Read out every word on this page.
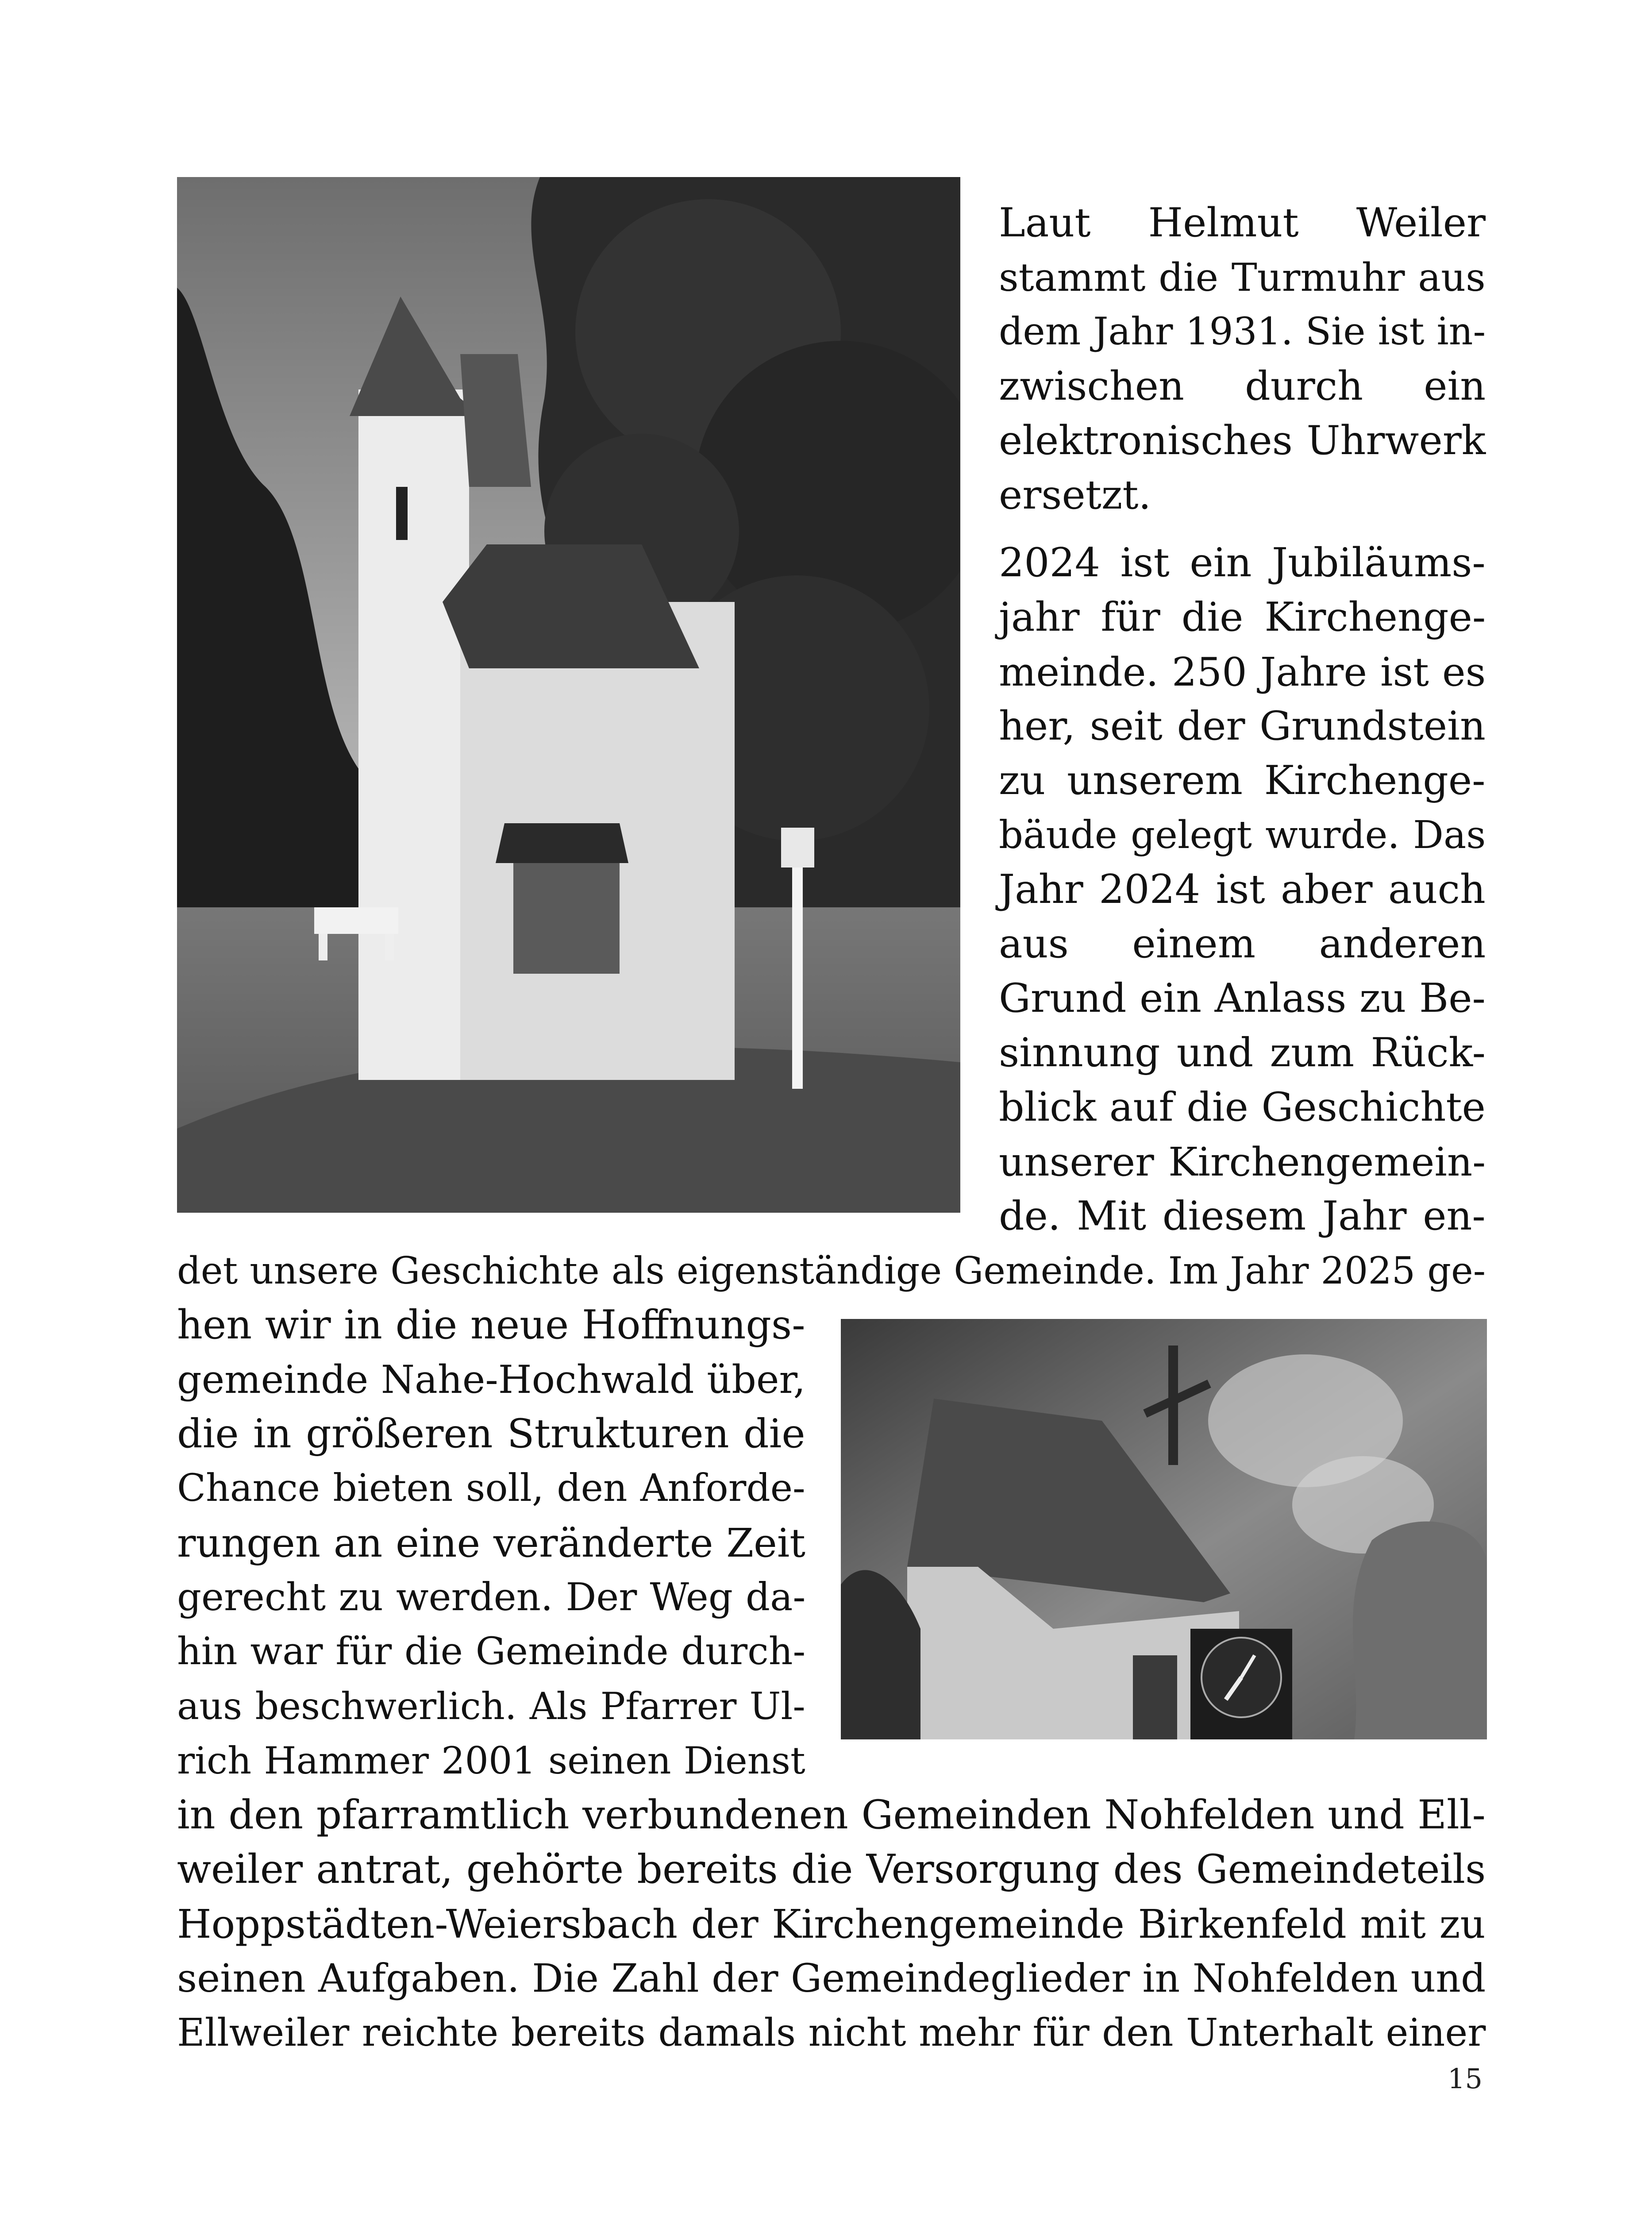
Laut Helmut Weiler

stammt die Turmuhr aus

dem Jahr 1931. Sie ist in-

zwischen durch ein

elektronisches Uhrwerk

ersetzt.

2024 ist ein Jubiläums-

jahr für die Kirchenge-

meinde. 250 Jahre ist es

her, seit der Grundstein

zu unserem Kirchenge-

bäude gelegt wurde. Das

Jahr 2024 ist aber auch

aus einem anderen

Grund ein Anlass zu Be-

sinnung und zum Rück-

blick auf die Geschichte

unserer Kirchengemein-

de. Mit diesem Jahr en-

det unsere Geschichte als eigenständige Gemeinde. Im Jahr 2025 ge-

hen wir in die neue Hoffnungs-

gemeinde Nahe-Hochwald über,

die in größeren Strukturen die

Chance bieten soll, den Anforde-

rungen an eine veränderte Zeit

gerecht zu werden. Der Weg da-

hin war für die Gemeinde durch-

aus beschwerlich. Als Pfarrer Ul-

rich Hammer 2001 seinen Dienst

in den pfarramtlich verbundenen Gemeinden Nohfelden und Ell-

weiler antrat, gehörte bereits die Versorgung des Gemeindeteils

Hoppstädten-Weiersbach der Kirchengemeinde Birkenfeld mit zu

seinen Aufgaben. Die Zahl der Gemeindeglieder in Nohfelden und

Ellweiler reichte bereits damals nicht mehr für den Unterhalt einer

15
